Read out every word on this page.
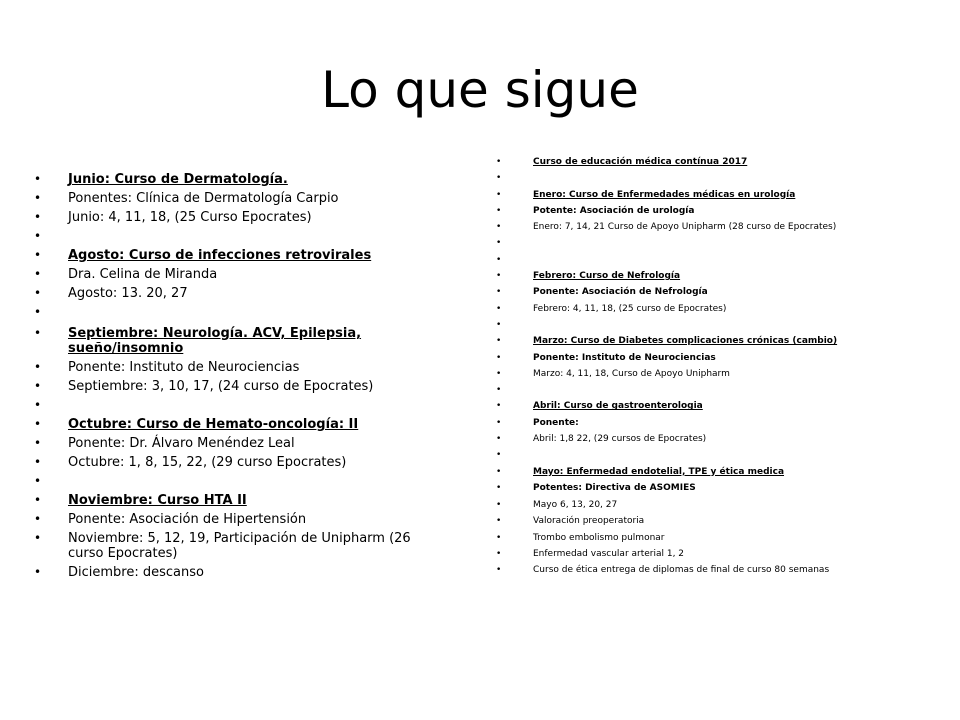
Lo que sigue
• Junio: Curso de Dermatología.
• Ponentes: Clínica de Dermatología Carpio
• Junio: 4, 11, 18, (25 Curso Epocrates)
•
• Agosto: Curso de infecciones retrovirales
• Dra. Celina de Miranda
• Agosto: 13. 20, 27
•
• Septiembre: Neurología. ACV, Epilepsia, sueño/insomnio
• Ponente: Instituto de Neurociencias
• Septiembre: 3, 10, 17, (24 curso de Epocrates)
•
• Octubre: Curso de Hemato-oncología: II
• Ponente: Dr. Álvaro Menéndez Leal
• Octubre: 1, 8, 15, 22, (29 curso Epocrates)
•
• Noviembre: Curso HTA II
• Ponente: Asociación de Hipertensión
• Noviembre: 5, 12, 19, Participación de Unipharm (26 curso Epocrates)
• Diciembre: descanso
• Curso de educación médica contínua 2017
•
• Enero: Curso de Enfermedades médicas en urología
• Potente: Asociación de urología
• Enero: 7, 14, 21 Curso de Apoyo Unipharm (28 curso de Epocrates)
•
•
• Febrero: Curso de Nefrología
• Ponente: Asociación de Nefrología
• Febrero: 4, 11, 18, (25 curso de Epocrates)
•
• Marzo: Curso de Diabetes complicaciones crónicas (cambio)
• Ponente: Instituto de Neurociencias
• Marzo: 4, 11, 18, Curso de Apoyo Unipharm
•
• Abril: Curso de gastroenterologia
• Ponente:
• Abril: 1,8 22, (29 cursos de Epocrates)
•
• Mayo: Enfermedad endotelial, TPE y ética medica
• Potentes: Directiva de ASOMIES
• Mayo 6, 13, 20, 27
• Valoración preoperatoria
• Trombo embolismo pulmonar
• Enfermedad vascular arterial 1, 2
• Curso de ética entrega de diplomas de final de curso 80 semanas
